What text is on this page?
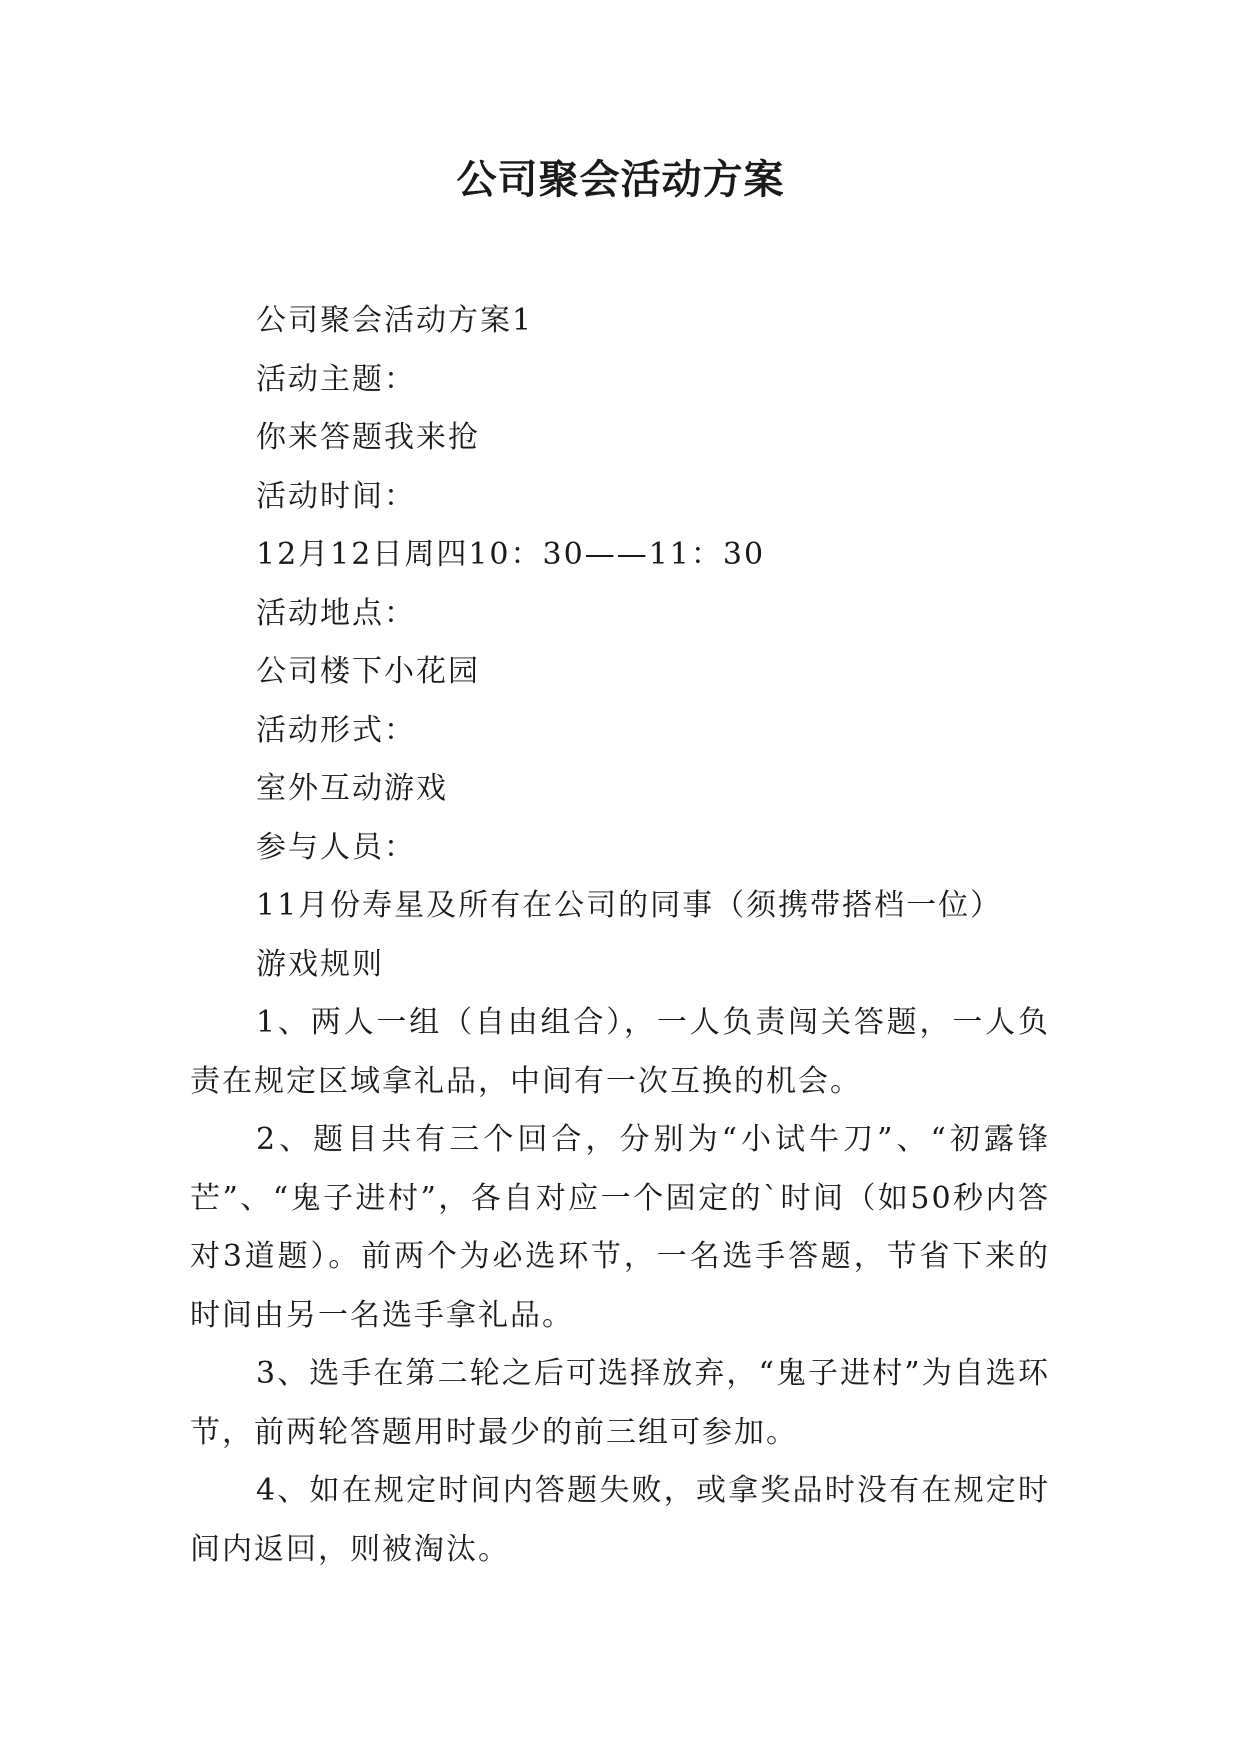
公司聚会活动方案

公司聚会活动方案1

活动主题：

你来答题我来抢

活动时间：

12月12日周四10：30——11：30

活动地点：

公司楼下小花园

活动形式：

室外互动游戏

参与人员：

11月份寿星及所有在公司的同事（须携带搭档一位）

游戏规则

1、两人一组（自由组合），一人负责闯关答题，一人负责在规定区域拿礼品，中间有一次互换的机会。

2、题目共有三个回合，分别为“小试牛刀”、“初露锋芒”、“鬼子进村”，各自对应一个固定的`时间（如50秒内答对3道题）。前两个为必选环节，一名选手答题，节省下来的时间由另一名选手拿礼品。

3、选手在第二轮之后可选择放弃，“鬼子进村”为自选环节，前两轮答题用时最少的前三组可参加。

4、如在规定时间内答题失败，或拿奖品时没有在规定时间内返回，则被淘汰。
